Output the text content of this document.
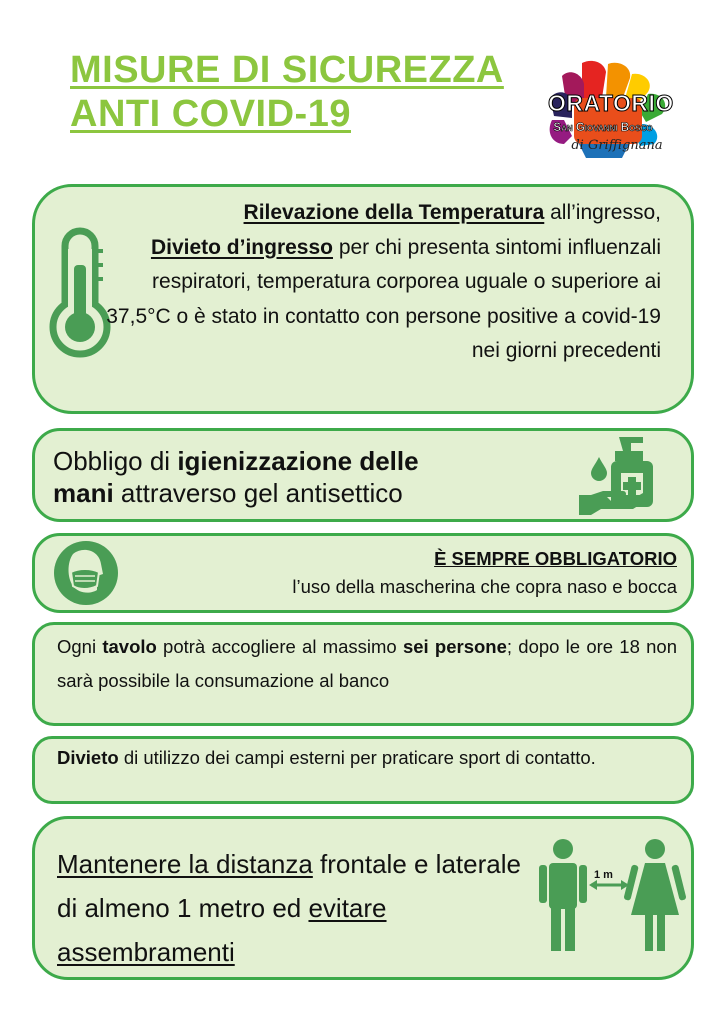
MISURE DI SICUREZZA
ANTI COVID-19	ORATORIO
San Giovanni Bosco
di Griffignana
Rilevazione della Temperatura all’ingresso,
Divieto d’ingresso per chi presenta sintomi influenzali respiratori, temperatura corporea uguale o superiore ai 37,5°C o è stato in contatto con persone positive a covid-19 nei giorni precedenti
Obbligo di igienizzazione delle
mani attraverso gel antisettico
È SEMPRE OBBLIGATORIO
l’uso della mascherina che copra naso e bocca
Ogni tavolo potrà accogliere al massimo sei persone; dopo le ore 18 non sarà possibile la consumazione al banco
Divieto di utilizzo dei campi esterni per praticare sport di contatto.
Mantenere la distanza frontale e laterale di almeno 1 metro ed evitare assembramenti
1 m
